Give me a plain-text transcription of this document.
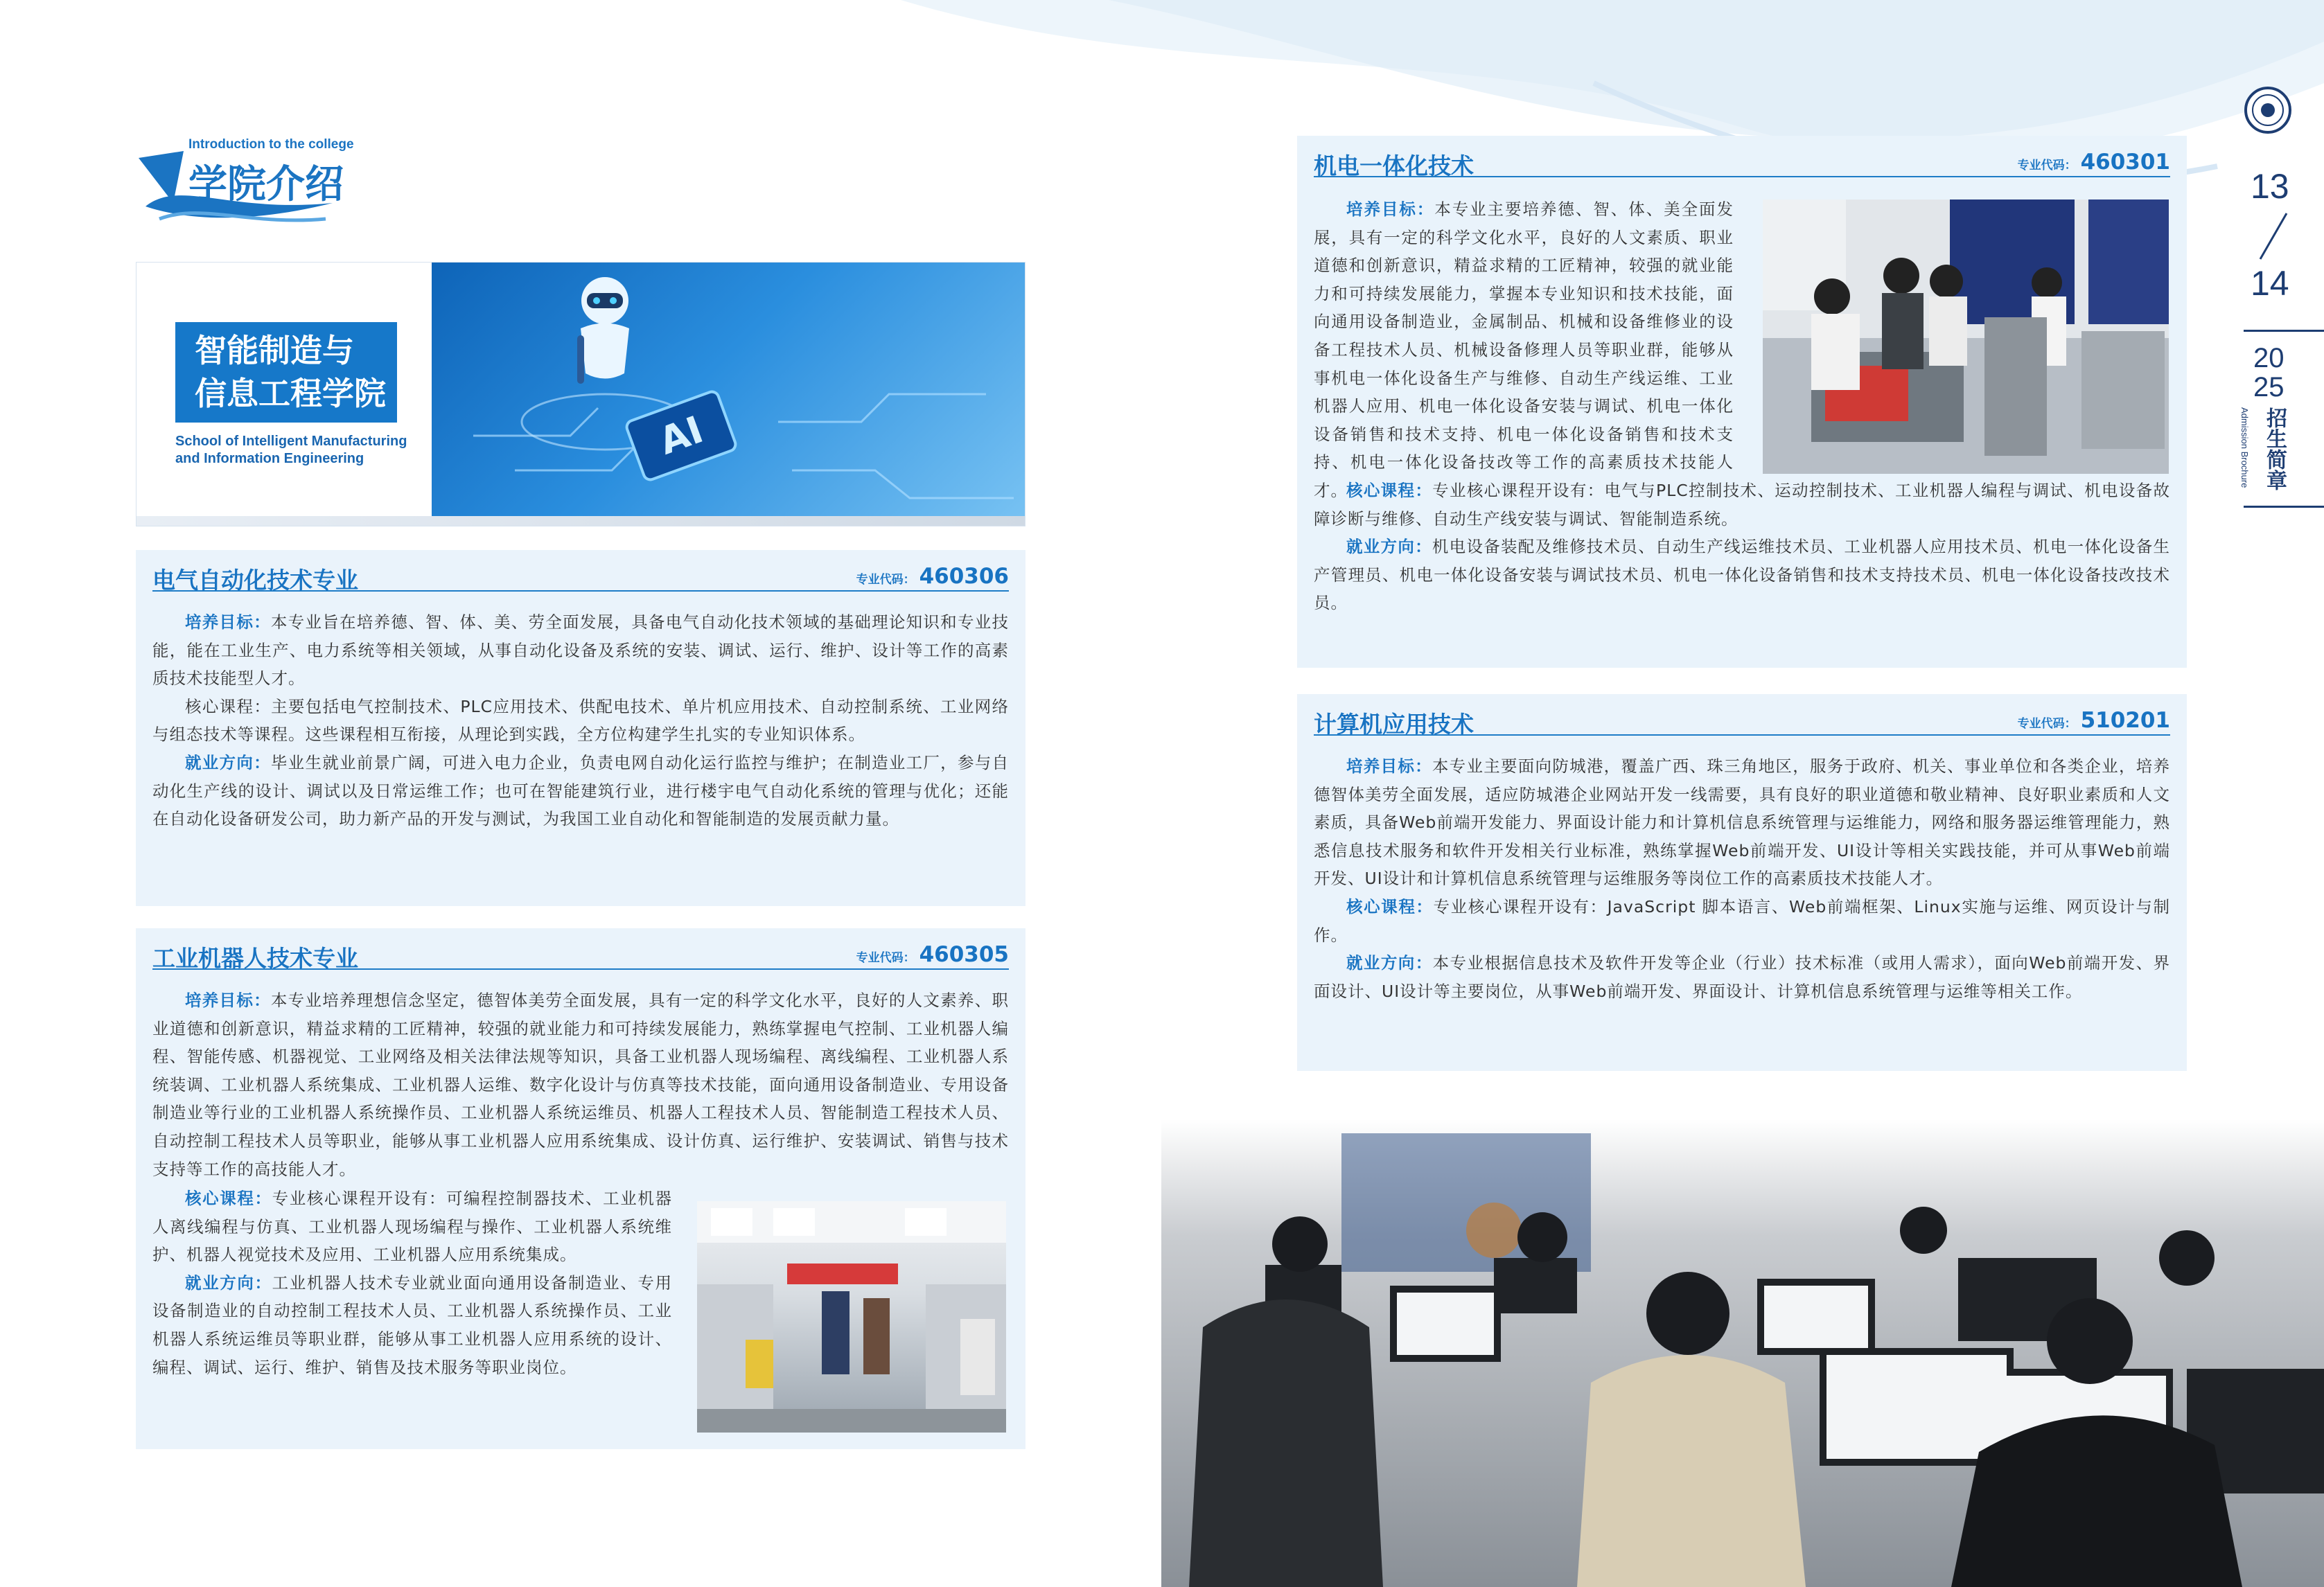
Introduction to the college
学院介绍
AI
智能制造与
信息工程学院
School of Intelligent Manufacturing
and Information Engineering
电气自动化技术专业	专业代码： 460306

培养目标：本专业旨在培养德、智、体、美、劳全面发展，具备电气自动化技术领域的基础理论知识和专业技能，能在工业生产、电力系统等相关领域，从事自动化设备及系统的安装、调试、运行、维护、设计等工作的高素质技术技能型人才。

核心课程：主要包括电气控制技术、PLC应用技术、供配电技术、单片机应用技术、自动控制系统、工业网络与组态技术等课程。这些课程相互衔接，从理论到实践，全方位构建学生扎实的专业知识体系。

就业方向：毕业生就业前景广阔，可进入电力企业，负责电网自动化运行监控与维护；在制造业工厂，参与自动化生产线的设计、调试以及日常运维工作；也可在智能建筑行业，进行楼宇电气自动化系统的管理与优化；还能在自动化设备研发公司，助力新产品的开发与测试，为我国工业自动化和智能制造的发展贡献力量。

工业机器人技术专业	专业代码： 460305

培养目标：本专业培养理想信念坚定，德智体美劳全面发展，具有一定的科学文化水平，良好的人文素养、职业道德和创新意识，精益求精的工匠精神，较强的就业能力和可持续发展能力，熟练掌握电气控制、工业机器人编程、智能传感、机器视觉、工业网络及相关法律法规等知识，具备工业机器人现场编程、离线编程、工业机器人系统装调、工业机器人系统集成、工业机器人运维、数字化设计与仿真等技术技能，面向通用设备制造业、专用设备制造业等行业的工业机器人系统操作员、工业机器人系统运维员、机器人工程技术人员、智能制造工程技术人员、自动控制工程技术人员等职业，能够从事工业机器人应用系统集成、设计仿真、运行维护、安装调试、销售与技术支持等工作的高技能人才。

核心课程：专业核心课程开设有：可编程控制器技术、工业机器人离线编程与仿真、工业机器人现场编程与操作、工业机器人系统维护、机器人视觉技术及应用、工业机器人应用系统集成。

就业方向：工业机器人技术专业就业面向通用设备制造业、专用设备制造业的自动控制工程技术人员、工业机器人系统操作员、工业机器人系统运维员等职业群，能够从事工业机器人应用系统的设计、编程、调试、运行、维护、销售及技术服务等职业岗位。

机电一体化技术	专业代码： 460301

培养目标：本专业主要培养德、智、体、美全面发展，具有一定的科学文化水平，良好的人文素质、职业道德和创新意识，精益求精的工匠精神，较强的就业能力和可持续发展能力，掌握本专业知识和技术技能，面向通用设备制造业，金属制品、机械和设备维修业的设备工程技术人员、机械设备修理人员等职业群，能够从事机电一体化设备生产与维修、自动生产线运维、工业机器人应用、机电一体化设备安装与调试、机电一体化设备销售和技术支持、机电一体化设备销售和技术支持、机电一体化设备技改等工作的高素质技术技能人才。

核心课程：专业核心课程开设有：电气与PLC控制技术、运动控制技术、工业机器人编程与调试、机电设备故障诊断与维修、自动生产线安装与调试、智能制造系统。

就业方向：机电设备装配及维修技术员、自动生产线运维技术员、工业机器人应用技术员、机电一体化设备生产管理员、机电一体化设备安装与调试技术员、机电一体化设备销售和技术支持技术员、机电一体化设备技改技术员。

计算机应用技术	专业代码： 510201

培养目标：本专业主要面向防城港，覆盖广西、珠三角地区，服务于政府、机关、事业单位和各类企业，培养德智体美劳全面发展，适应防城港企业网站开发一线需要，具有良好的职业道德和敬业精神、良好职业素质和人文素质，具备Web前端开发能力、界面设计能力和计算机信息系统管理与运维能力，网络和服务器运维管理能力，熟悉信息技术服务和软件开发相关行业标准，熟练掌握Web前端开发、UI设计等相关实践技能，并可从事Web前端开发、UI设计和计算机信息系统管理与运维服务等岗位工作的高素质技术技能人才。

核心课程：专业核心课程开设有：JavaScript 脚本语言、Web前端框架、Linux实施与运维、网页设计与制作。

就业方向：本专业根据信息技术及软件开发等企业（行业）技术标准（或用人需求），面向Web前端开发、界面设计、UI设计等主要岗位，从事Web前端开发、界面设计、计算机信息系统管理与运维等相关工作。

13
14
20
25
招生简章
Admission Brochure
